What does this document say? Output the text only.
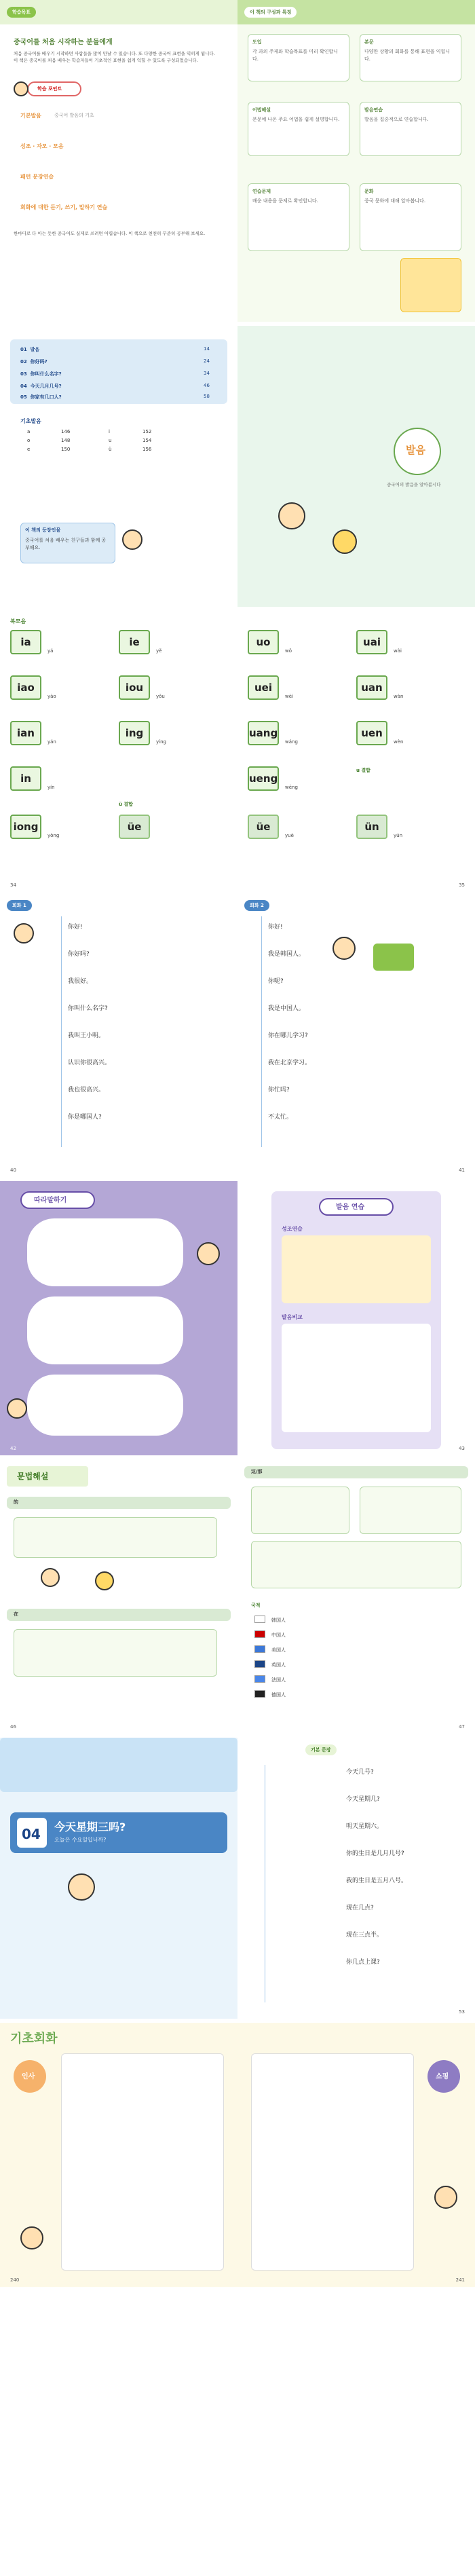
학습목표
중국어를 처음 시작하는 분들에게
처음 중국어를 배우기 시작하면 사람들을 많이 만날 수 있습니다. 또 다양한 중국어 표현을 익히게 됩니다. 이 책은 중국어를 처음 배우는 학습자들이 기초적인 표현을 쉽게 익힐 수 있도록 구성되었습니다.
학습 포인트
기본발음	중국어 발음의 기초
성조 · 자모 · 모음
패턴 문장연습
회화에 대한 듣기, 쓰기, 말하기 연습
한마디로 다 아는 듯한 중국어도 실제로 쓰려면 어렵습니다. 이 책으로 천천히 꾸준히 공부해 보세요.
이 책의 구성과 특징
도입
각 과의 주제와 학습목표를 미리 확인합니다.
본문
다양한 상황의 회화를 통해 표현을 익힙니다.
어법해설
본문에 나온 주요 어법을 쉽게 설명합니다.
발음연습
발음을 집중적으로 연습합니다.
연습문제
배운 내용을 문제로 확인합니다.
문화
중국 문화에 대해 알아봅니다.
01 발음	14
02 你好吗?	24
03 你叫什么名字?	34
04 今天几月几号?	46
05 你家有几口人?	58
기초발음
a	146
o	148
e	150
i	152
u	154
ü	156
이 책의 등장인물
중국어를 처음 배우는 친구들과 함께 공부해요.
발음
중국어의 발음을 알아봅시다
복모음
ia
yá
iao
yào
ian
yán
in
yín
iong
yòng
ie
yě
iou
yǒu
ing
yíng
ü 결합
üe
34
uo
wǒ
uei
wèi
uang
wáng
ueng
wēng
üe
yuè
uai
wài
uan
wàn
uen
wèn
u 결합
ün
yún
35
회화 1
你好!
你好吗?
我很好。
你叫什么名字?
我叫王小明。
认识你很高兴。
我也很高兴。
你是哪国人?
40
회화 2
你好!
我是韩国人。
你呢?
我是中国人。
你在哪儿学习?
我在北京学习。
你忙吗?
不太忙。
41
따라말하기
42
발음 연습
성조연습
발음비교
43
문법해설
的
在
46
这/那
국적
韩国人
中国人
美国人
英国人
法国人
德国人
47
04 今天星期三吗?
오늘은 수요일입니까?
기본 문장
今天几号?
今天星期几?
明天星期六。
你的生日是几月几号?
我的生日是五月八号。
现在几点?
现在三点半。
你几点上课?
53
기초회화
인사
240
쇼핑
241
